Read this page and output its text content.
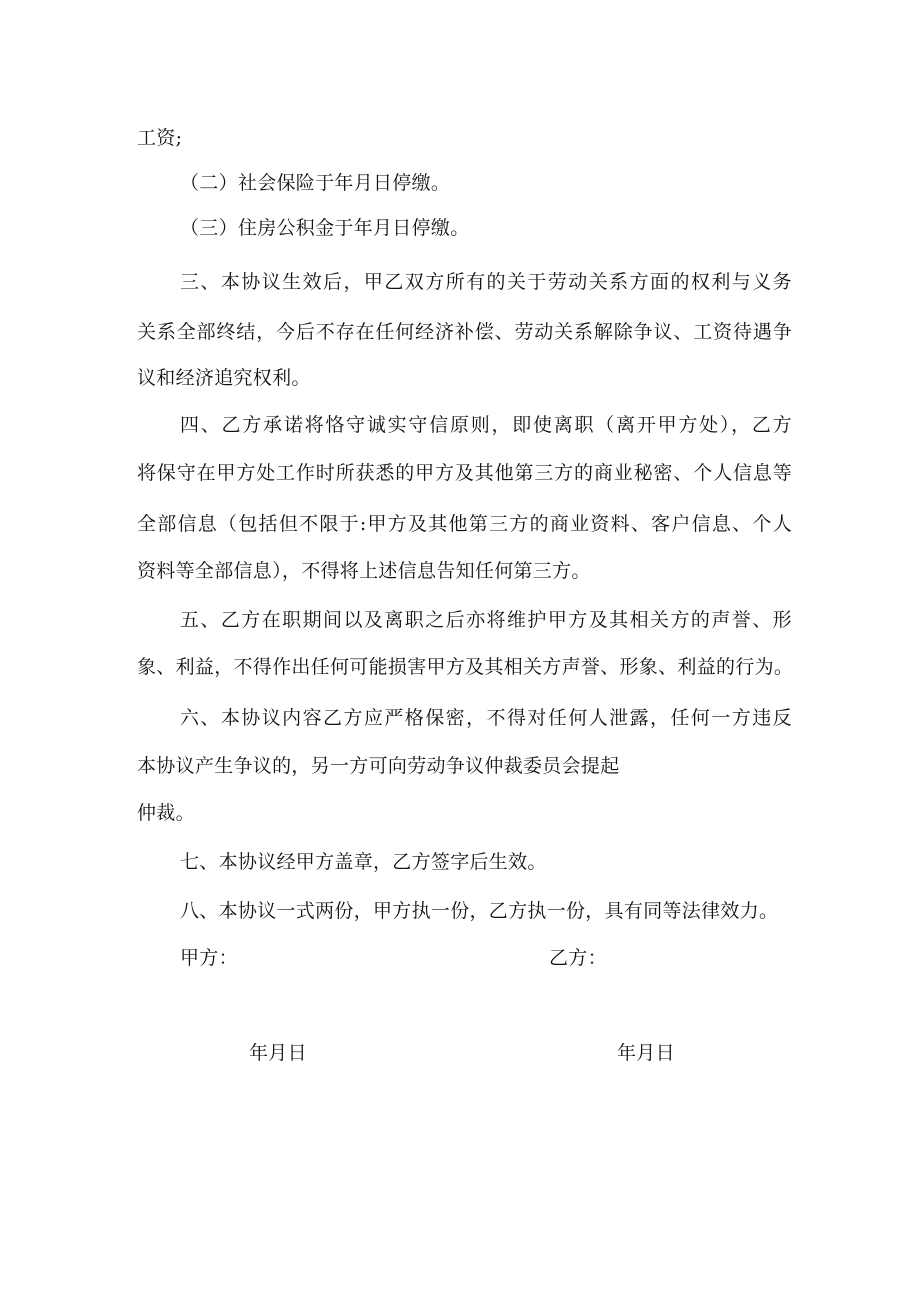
工资;
（二）社会保险于年月日停缴。
（三）住房公积金于年月日停缴。
三、本协议生效后，甲乙双方所有的关于劳动关系方面的权利与义务
关系全部终结，今后不存在任何经济补偿、劳动关系解除争议、工资待遇争
议和经济追究权利。
四、乙方承诺将恪守诚实守信原则，即使离职（离开甲方处），乙方
将保守在甲方处工作时所获悉的甲方及其他第三方的商业秘密、个人信息等
全部信息（包括但不限于:甲方及其他第三方的商业资料、客户信息、个人
资料等全部信息），不得将上述信息告知任何第三方。
五、乙方在职期间以及离职之后亦将维护甲方及其相关方的声誉、形
象、利益，不得作出任何可能损害甲方及其相关方声誉、形象、利益的行为。
六、本协议内容乙方应严格保密，不得对任何人泄露，任何一方违反
本协议产生争议的，另一方可向劳动争议仲裁委员会提起
仲裁。
七、本协议经甲方盖章，乙方签字后生效。
八、本协议一式两份，甲方执一份，乙方执一份，具有同等法律效力。
甲方：	乙方：
年月日	年月日
